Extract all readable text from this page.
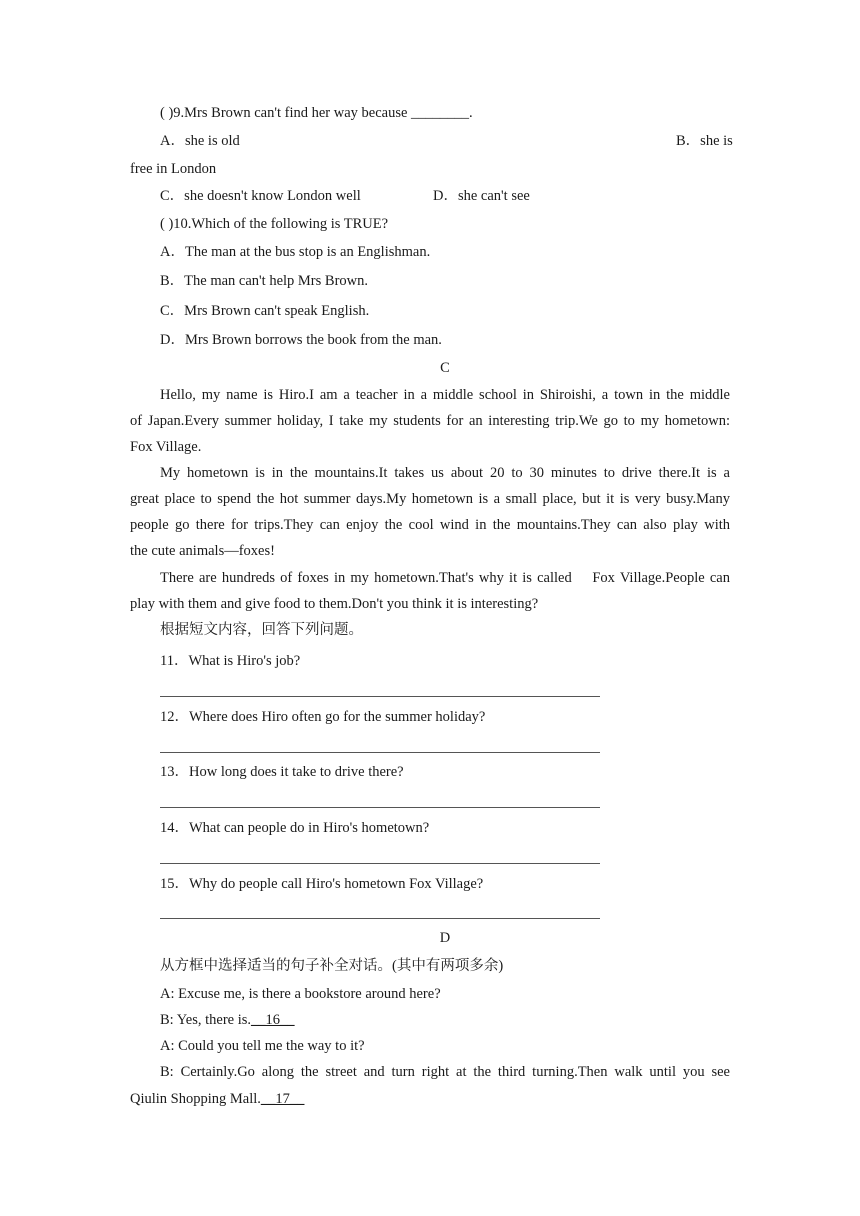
( )9.Mrs Brown can't find her way because ________.
A．she is old	B．she is
free in London
C．she doesn't know London well	D．she can't see
( )10.Which of the following is TRUE?
A．The man at the bus stop is an Englishman.
B．The man can't help Mrs Brown.
C．Mrs Brown can't speak English.
D．Mrs Brown borrows the book from the man.
C
Hello, my name is Hiro.I am a teacher in a middle school in Shiroishi, a town in the middle
of Japan.Every summer holiday, I take my students for an interesting trip.We go to my hometown:
Fox Village.
My hometown is in the mountains.It takes us about 20 to 30 minutes to drive there.It is a
great place to spend the hot summer days.My hometown is a small place, but it is very busy.Many
people go there for trips.They can enjoy the cool wind in the mountains.They can also play with
the cute animals—foxes!
There are hundreds of foxes in my hometown.That's why it is called    Fox Village.People can
play with them and give food to them.Don't you think it is interesting?
根据短文内容，回答下列问题。
11．What is Hiro's job?
12．Where does Hiro often go for the summer holiday?
13．How long does it take to drive there?
14．What can people do in Hiro's hometown?
15．Why do people call Hiro's hometown Fox Village?
D
从方框中选择适当的句子补全对话。(其中有两项多余)
A: Excuse me, is there a bookstore around here?
B: Yes, there is.__16__
A: Could you tell me the way to it?
B: Certainly.Go along the street and turn right at the third turning.Then walk until you see
Qiulin Shopping Mall.__17__
